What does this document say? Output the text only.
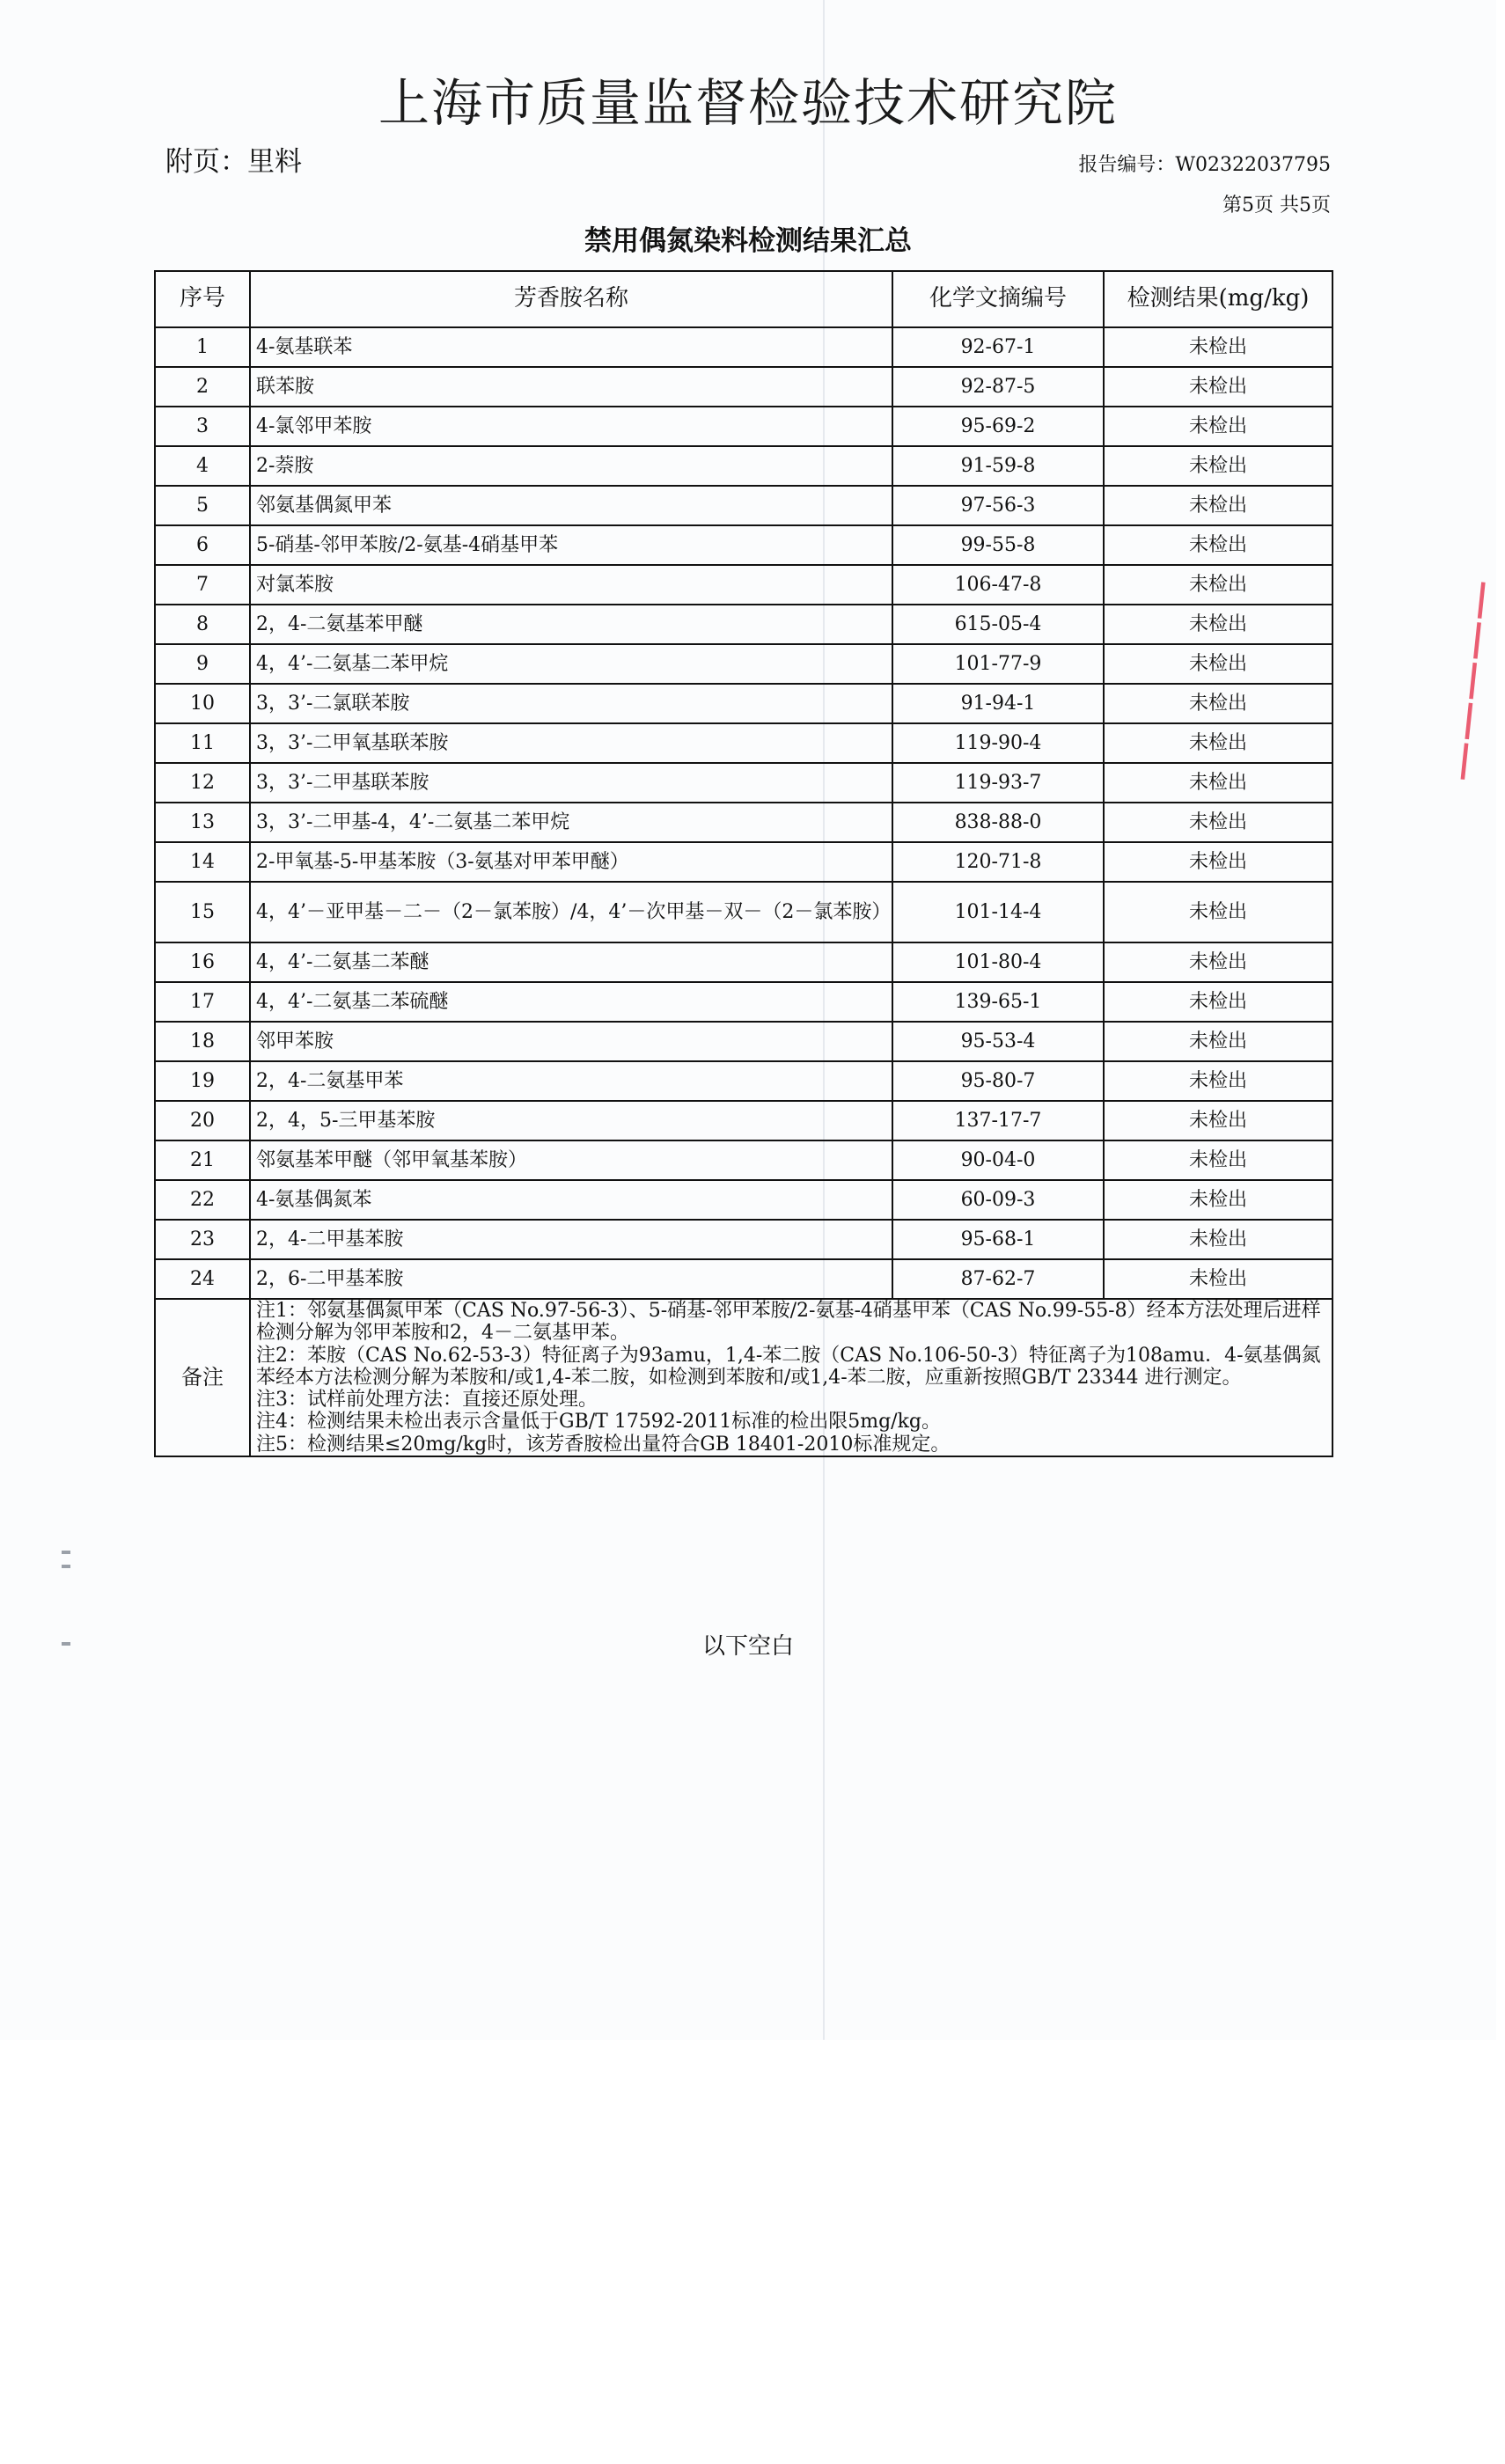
上海市质量监督检验技术研究院
附页：里料	报告编号：W02322037795
第5页 共5页
禁用偶氮染料检测结果汇总
序号	芳香胺名称	化学文摘编号	检测结果(mg/kg)
1	4-氨基联苯	92-67-1	未检出
2	联苯胺	92-87-5	未检出
3	4-氯邻甲苯胺	95-69-2	未检出
4	2-萘胺	91-59-8	未检出
5	邻氨基偶氮甲苯	97-56-3	未检出
6	5-硝基-邻甲苯胺/2-氨基-4硝基甲苯	99-55-8	未检出
7	对氯苯胺	106-47-8	未检出
8	2，4-二氨基苯甲醚	615-05-4	未检出
9	4，4’-二氨基二苯甲烷	101-77-9	未检出
10	3，3’-二氯联苯胺	91-94-1	未检出
11	3，3’-二甲氧基联苯胺	119-90-4	未检出
12	3，3’-二甲基联苯胺	119-93-7	未检出
13	3，3’-二甲基-4，4’-二氨基二苯甲烷	838-88-0	未检出
14	2-甲氧基-5-甲基苯胺（3-氨基对甲苯甲醚）	120-71-8	未检出
15	4，4’－亚甲基－二－（2－氯苯胺）/4，4’－次甲基－双－（2－氯苯胺）	101-14-4	未检出
16	4，4’-二氨基二苯醚	101-80-4	未检出
17	4，4’-二氨基二苯硫醚	139-65-1	未检出
18	邻甲苯胺	95-53-4	未检出
19	2，4-二氨基甲苯	95-80-7	未检出
20	2，4，5-三甲基苯胺	137-17-7	未检出
21	邻氨基苯甲醚（邻甲氧基苯胺）	90-04-0	未检出
22	4-氨基偶氮苯	60-09-3	未检出
23	2，4-二甲基苯胺	95-68-1	未检出
24	2，6-二甲基苯胺	87-62-7	未检出
备注	注1：邻氨基偶氮甲苯（CAS No.97-56-3）、5-硝基-邻甲苯胺/2-氨基-4硝基甲苯（CAS No.99-55-8）经本方法处理后进样检测分解为邻甲苯胺和2，4－二氨基甲苯。

注2：苯胺（CAS No.62-53-3）特征离子为93amu，1,4-苯二胺（CAS No.106-50-3）特征离子为108amu．4-氨基偶氮苯经本方法检测分解为苯胺和/或1,4-苯二胺，如检测到苯胺和/或1,4-苯二胺，应重新按照GB/T 23344 进行测定。

注3：试样前处理方法：直接还原处理。

注4：检测结果未检出表示含量低于GB/T 17592-2011标准的检出限5mg/kg。

注5：检测结果≤20mg/kg时，该芳香胺检出量符合GB 18401-2010标准规定。		

以下空白
❘❘❘❘❘
